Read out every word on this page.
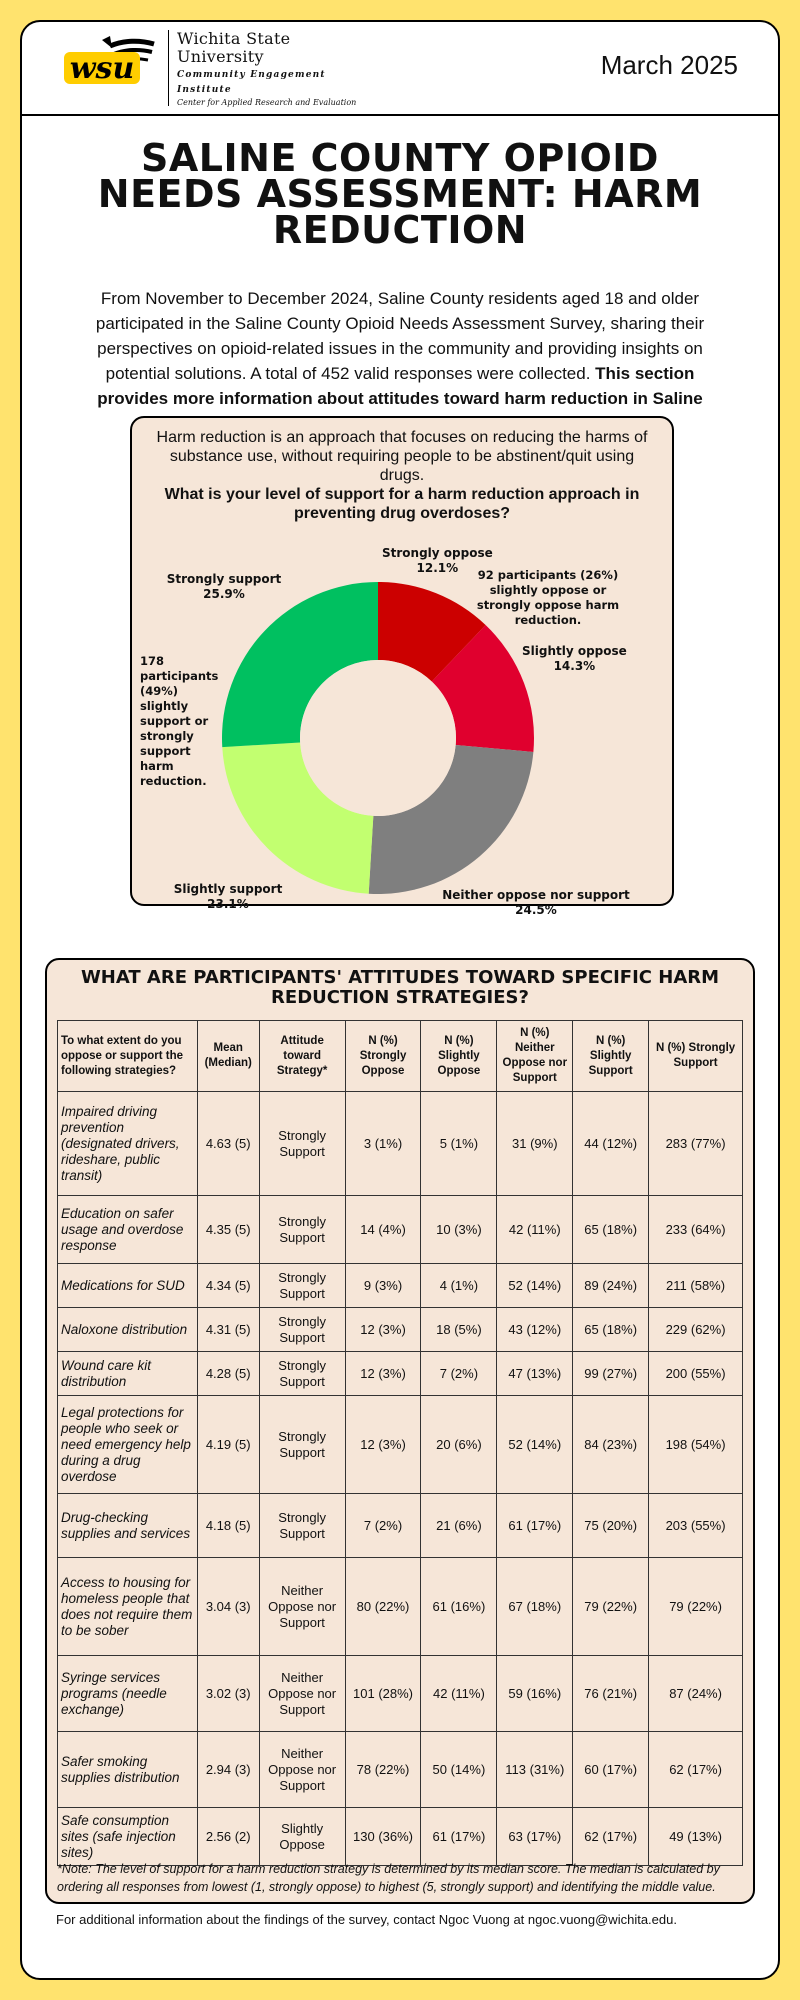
wsu
Wichita State
University
Community Engagement
Institute
Center for Applied Research and Evaluation
March 2025
SALINE COUNTY OPIOID NEEDS ASSESSMENT: HARM REDUCTION
From November to December 2024, Saline County residents aged 18 and older participated in the Saline County Opioid Needs Assessment Survey, sharing their perspectives on opioid-related issues in the community and providing insights on potential solutions. A total of 452 valid responses were collected. This section provides more information about attitudes toward harm reduction in Saline
Harm reduction is an approach that focuses on reducing the harms of substance use, without requiring people to be abstinent/quit using drugs.
What is your level of support for a harm reduction approach in preventing drug overdoses?
Strongly oppose
12.1%
Slightly oppose
14.3%
Neither oppose nor support
24.5%
Slightly support
23.1%
Strongly support
25.9%
92 participants (26%) slightly oppose or strongly oppose harm reduction.
178 participants (49%) slightly support or strongly support harm reduction.
WHAT ARE PARTICIPANTS' ATTITUDES TOWARD SPECIFIC HARM REDUCTION STRATEGIES?
To what extent do you oppose or support the following strategies?	Mean (Median)	Attitude toward Strategy*	N (%) Strongly Oppose	N (%) Slightly Oppose	N (%) Neither Oppose nor Support	N (%) Slightly Support	N (%) Strongly Support
Impaired driving prevention (designated drivers, rideshare, public transit)	4.63 (5)	Strongly Support	3 (1%)	5 (1%)	31 (9%)	44 (12%)	283 (77%)
Education on safer usage and overdose response	4.35 (5)	Strongly Support	14 (4%)	10 (3%)	42 (11%)	65 (18%)	233 (64%)
Medications for SUD	4.34 (5)	Strongly Support	9 (3%)	4 (1%)	52 (14%)	89 (24%)	211 (58%)
Naloxone distribution	4.31 (5)	Strongly Support	12 (3%)	18 (5%)	43 (12%)	65 (18%)	229 (62%)
Wound care kit distribution	4.28 (5)	Strongly Support	12 (3%)	7 (2%)	47 (13%)	99 (27%)	200 (55%)
Legal protections for people who seek or need emergency help during a drug overdose	4.19 (5)	Strongly Support	12 (3%)	20 (6%)	52 (14%)	84 (23%)	198 (54%)
Drug-checking supplies and services	4.18 (5)	Strongly Support	7 (2%)	21 (6%)	61 (17%)	75 (20%)	203 (55%)
Access to housing for homeless people that does not require them to be sober	3.04 (3)	Neither Oppose nor Support	80 (22%)	61 (16%)	67 (18%)	79 (22%)	79 (22%)
Syringe services programs (needle exchange)	3.02 (3)	Neither Oppose nor Support	101 (28%)	42 (11%)	59 (16%)	76 (21%)	87 (24%)
Safer smoking supplies distribution	2.94 (3)	Neither Oppose nor Support	78 (22%)	50 (14%)	113 (31%)	60 (17%)	62 (17%)
Safe consumption sites (safe injection sites)	2.56 (2)	Slightly Oppose	130 (36%)	61 (17%)	63 (17%)	62 (17%)	49 (13%)
*Note: The level of support for a harm reduction strategy is determined by its median score. The median is calculated by ordering all responses from lowest (1, strongly oppose) to highest (5, strongly support) and identifying the middle value.
For additional information about the findings of the survey, contact Ngoc Vuong at ngoc.vuong@wichita.edu.
